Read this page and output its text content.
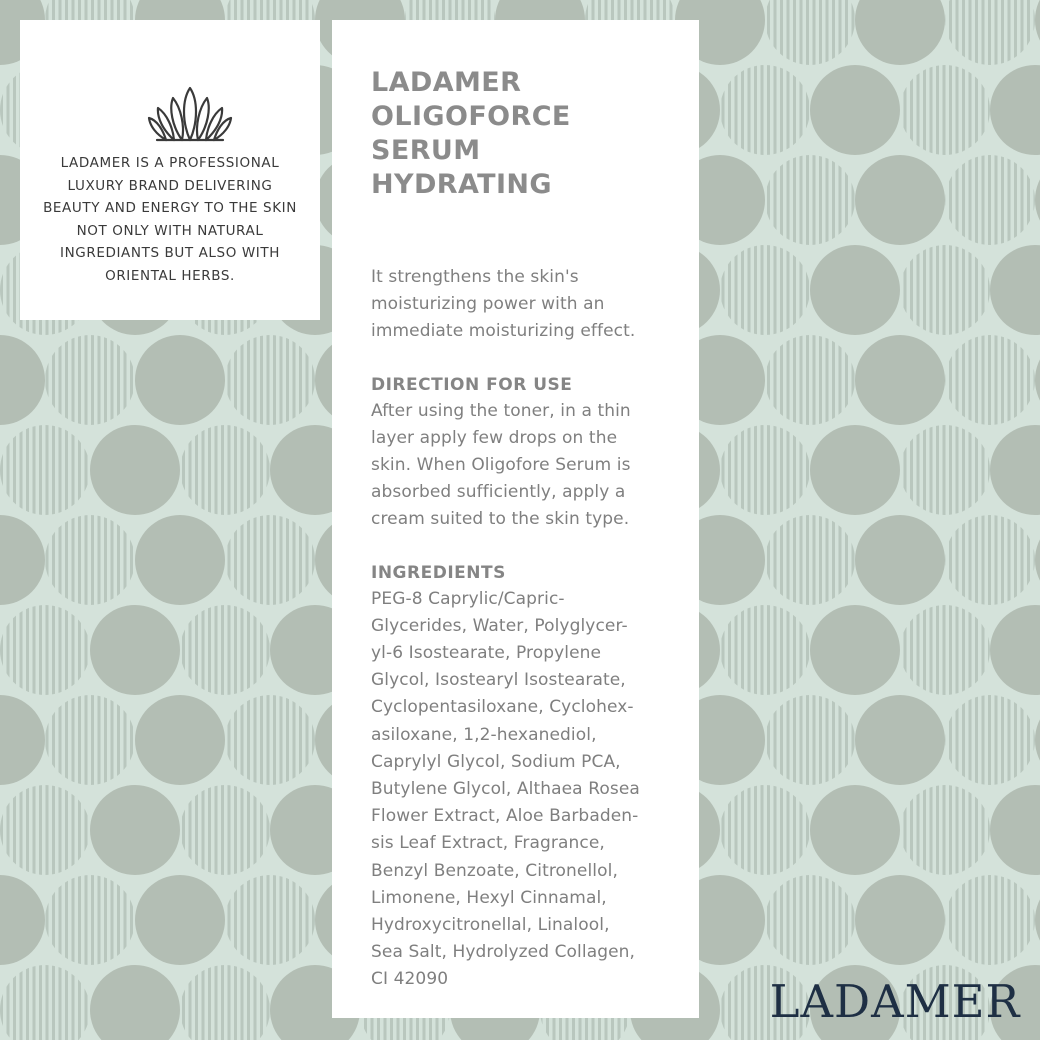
LADAMER IS A PROFESSIONAL
LUXURY BRAND DELIVERING
BEAUTY AND ENERGY TO THE SKIN
NOT ONLY WITH NATURAL
INGREDIANTS BUT ALSO WITH
ORIENTAL HERBS.
LADAMER
OLIGOFORCE
SERUM
HYDRATING

It strengthens the skin's
moisturizing power with an
immediate moisturizing effect.

DIRECTION FOR USE

After using the toner, in a thin
layer apply few drops on the
skin. When Oligofore Serum is
absorbed sufficiently, apply a
cream suited to the skin type.

INGREDIENTS

PEG-8 Caprylic/Capric-
Glycerides, Water, Polyglycer-
yl-6 Isostearate, Propylene
Glycol, Isostearyl Isostearate,
Cyclopentasiloxane, Cyclohex-
asiloxane, 1,2-hexanediol,
Caprylyl Glycol, Sodium PCA,
Butylene Glycol, Althaea Rosea
Flower Extract, Aloe Barbaden-
sis Leaf Extract, Fragrance,
Benzyl Benzoate, Citronellol,
Limonene, Hexyl Cinnamal,
Hydroxycitronellal, Linalool,
Sea Salt, Hydrolyzed Collagen,
CI 42090	LADAMER
